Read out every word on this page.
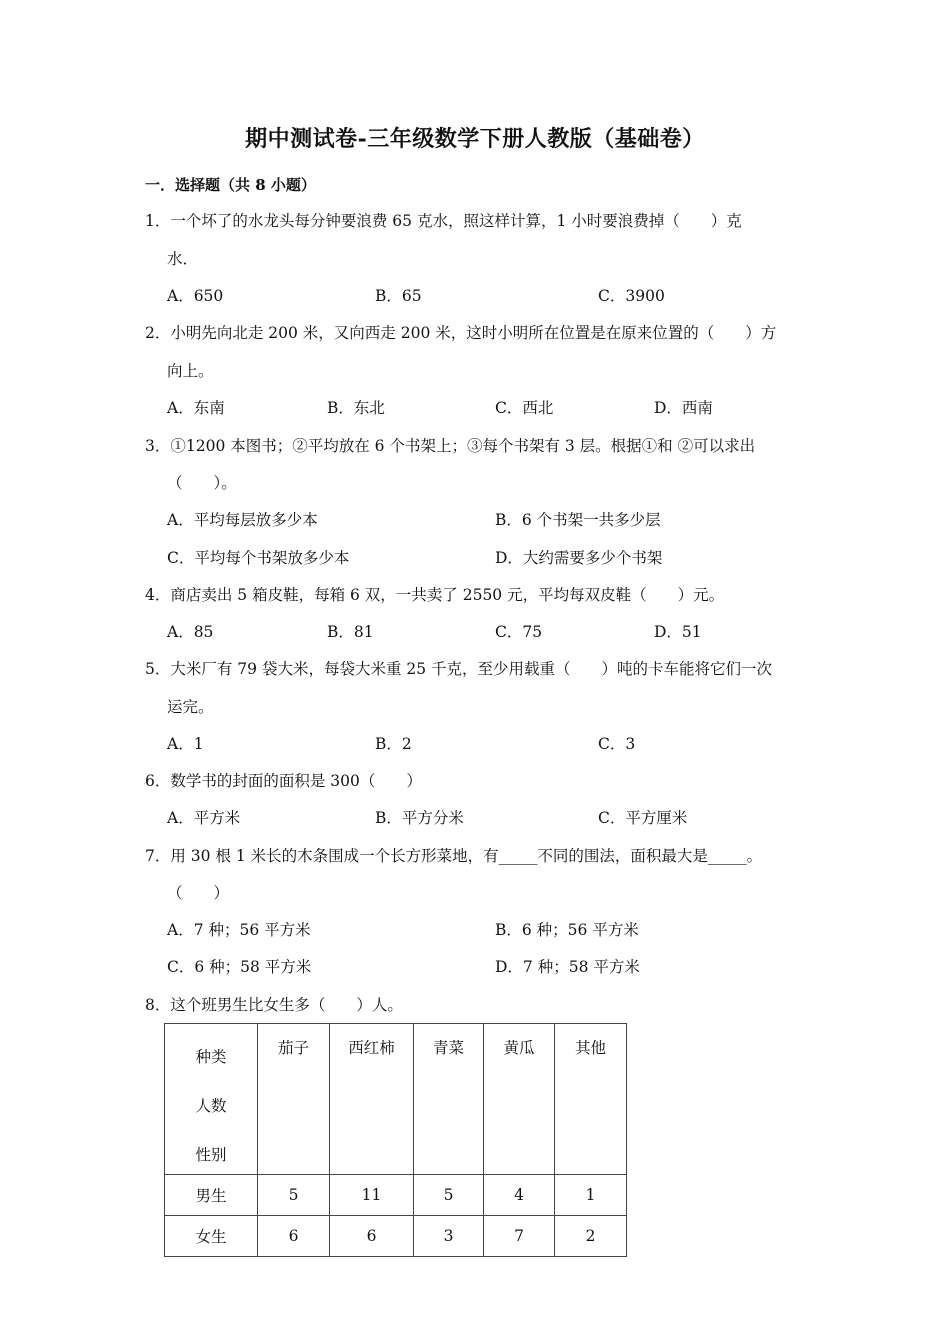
期中测试卷-三年级数学下册人教版（基础卷）
一．选择题（共 8 小题）
1．一个坏了的水龙头每分钟要浪费 65 克水，照这样计算，1 小时要浪费掉（　　）克
水．
A．650	B．65	C．3900
2．小明先向北走 200 米，又向西走 200 米，这时小明所在位置是在原来位置的（　　）方
向上。
A．东南	B．东北	C．西北	D．西南
3．①1200 本图书；②平均放在 6 个书架上；③每个书架有 3 层。根据①和 ②可以求出
（　　）。
A．平均每层放多少本	B．6 个书架一共多少层
C．平均每个书架放多少本	D．大约需要多少个书架
4．商店卖出 5 箱皮鞋，每箱 6 双，一共卖了 2550 元，平均每双皮鞋（　　）元。
A．85	B．81	C．75	D．51
5．大米厂有 79 袋大米，每袋大米重 25 千克，至少用载重（　　）吨的卡车能将它们一次
运完。
A．1	B．2	C．3
6．数学书的封面的面积是 300（　　）
A．平方米	B．平方分米	C．平方厘米
7．用 30 根 1 米长的木条围成一个长方形菜地，有_____不同的围法，面积最大是_____。
（　　）
A．7 种；56 平方米	B．6 种；56 平方米
C．6 种；58 平方米	D．7 种；58 平方米
8．这个班男生比女生多（　　）人。
种类
人数
性别	茄子	西红柿	青菜	黄瓜	其他

男生	5	11	5	4	1
女生	6	6	3	7	2
